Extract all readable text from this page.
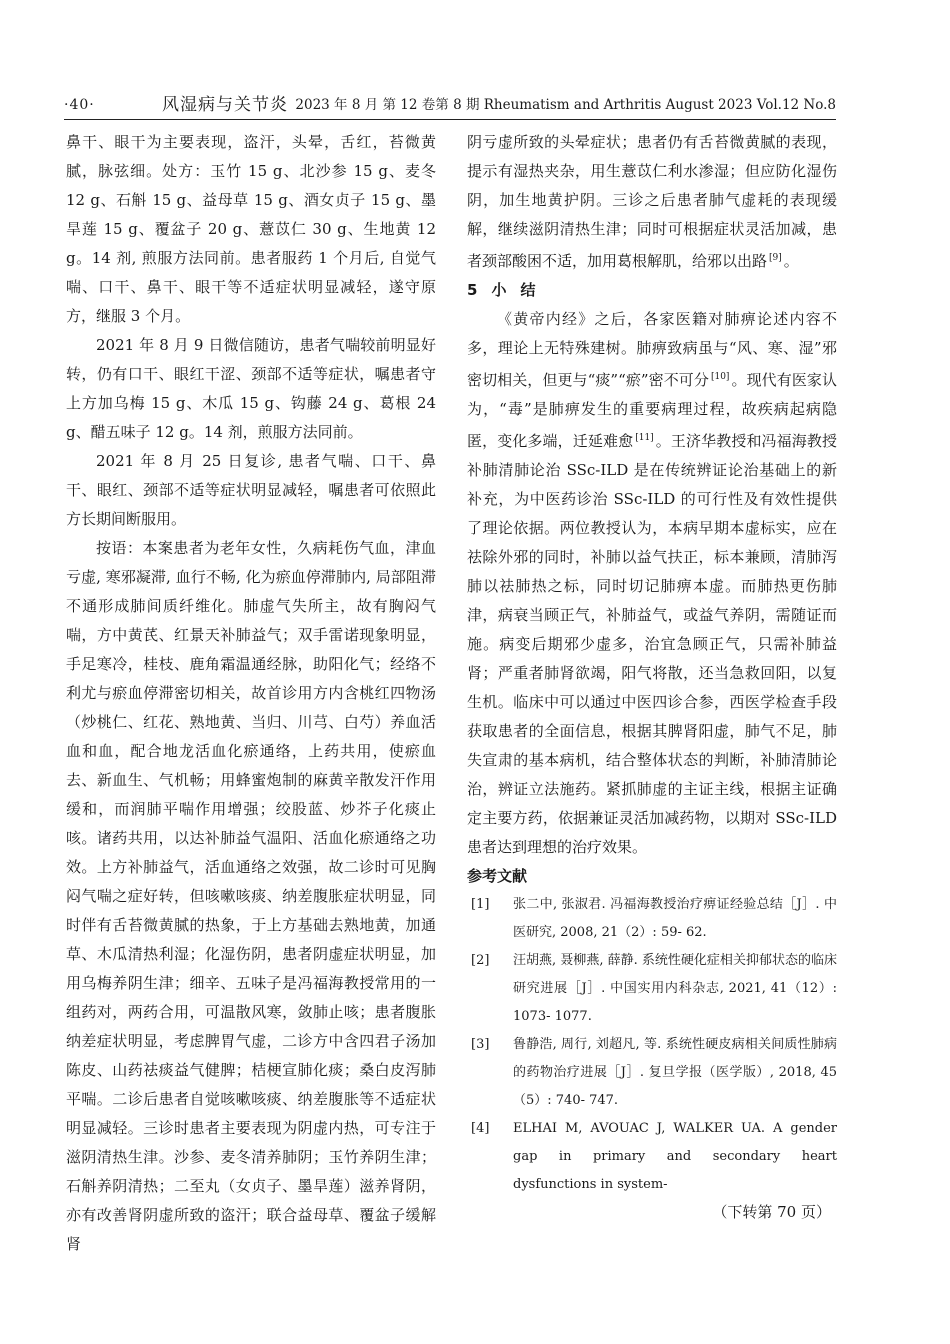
·40·	风湿病与关节炎 2023 年 8 月 第 12 卷第 8 期 Rheumatism and Arthritis August 2023 Vol.12 No.8

鼻干、眼干为主要表现，盗汗，头晕，舌红，苔微黄腻，脉弦细。处方：玉竹 15 g、北沙参 15 g、麦冬 12 g、石斛 15 g、益母草 15 g、酒女贞子 15 g、墨旱莲 15 g、覆盆子 20 g、薏苡仁 30 g、生地黄 12 g。14 剂, 煎服方法同前。患者服药 1 个月后, 自觉气喘、口干、鼻干、眼干等不适症状明显减轻，遂守原方，继服 3 个月。

2021 年 8 月 9 日微信随访，患者气喘较前明显好转，仍有口干、眼红干涩、颈部不适等症状，嘱患者守上方加乌梅 15 g、木瓜 15 g、钩藤 24 g、葛根 24 g、醋五味子 12 g。14 剂，煎服方法同前。

2021 年 8 月 25 日复诊, 患者气喘、口干、鼻干、眼红、颈部不适等症状明显减轻，嘱患者可依照此方长期间断服用。

按语：本案患者为老年女性，久病耗伤气血，津血亏虚, 寒邪凝滞, 血行不畅, 化为瘀血停滞肺内, 局部阻滞不通形成肺间质纤维化。肺虚气失所主，故有胸闷气喘，方中黄芪、红景天补肺益气；双手雷诺现象明显，手足寒冷，桂枝、鹿角霜温通经脉，助阳化气；经络不利尤与瘀血停滞密切相关，故首诊用方内含桃红四物汤（炒桃仁、红花、熟地黄、当归、川芎、白芍）养血活血和血，配合地龙活血化瘀通络，上药共用，使瘀血去、新血生、气机畅；用蜂蜜炮制的麻黄辛散发汗作用缓和，而润肺平喘作用增强；绞股蓝、炒芥子化痰止咳。诸药共用，以达补肺益气温阳、活血化瘀通络之功效。上方补肺益气，活血通络之效强，故二诊时可见胸闷气喘之症好转，但咳嗽咳痰、纳差腹胀症状明显，同时伴有舌苔微黄腻的热象，于上方基础去熟地黄，加通草、木瓜清热利湿；化湿伤阴，患者阴虚症状明显，加用乌梅养阴生津；细辛、五味子是冯福海教授常用的一组药对，两药合用，可温散风寒，敛肺止咳；患者腹胀纳差症状明显，考虑脾胃气虚，二诊方中含四君子汤加陈皮、山药祛痰益气健脾；桔梗宣肺化痰；桑白皮泻肺平喘。二诊后患者自觉咳嗽咳痰、纳差腹胀等不适症状明显减轻。三诊时患者主要表现为阴虚内热，可专注于滋阴清热生津。沙参、麦冬清养肺阴；玉竹养阴生津；石斛养阴清热；二至丸（女贞子、墨旱莲）滋养肾阴，亦有改善肾阴虚所致的盗汗；联合益母草、覆盆子缓解肾

阴亏虚所致的头晕症状；患者仍有舌苔微黄腻的表现，提示有湿热夹杂，用生薏苡仁利水渗湿；但应防化湿伤阴，加生地黄护阴。三诊之后患者肺气虚耗的表现缓解，继续滋阴清热生津；同时可根据症状灵活加减，患者颈部酸困不适，加用葛根解肌，给邪以出路 [9] 。

5 小结

《黄帝内经》之后，各家医籍对肺痹论述内容不多，理论上无特殊建树。肺痹致病虽与“风、寒、湿”邪密切相关，但更与“痰”“瘀”密不可分 [10] 。现代有医家认为，“毒”是肺痹发生的重要病理过程，故疾病起病隐匿，变化多端，迁延难愈 [11] 。王济华教授和冯福海教授补肺清肺论治 SSc-ILD 是在传统辨证论治基础上的新补充，为中医药诊治 SSc-ILD 的可行性及有效性提供了理论依据。两位教授认为，本病早期本虚标实，应在祛除外邪的同时，补肺以益气扶正，标本兼顾，清肺泻肺以祛肺热之标，同时切记肺痹本虚。而肺热更伤肺津，病衰当顾正气，补肺益气，或益气养阴，需随证而施。病变后期邪少虚多，治宜急顾正气，只需补肺益肾；严重者肺肾欲竭，阳气将散，还当急救回阳，以复生机。临床中可以通过中医四诊合参，西医学检查手段获取患者的全面信息，根据其脾肾阳虚，肺气不足，肺失宣肃的基本病机，结合整体状态的判断，补肺清肺论治，辨证立法施药。紧抓肺虚的主证主线，根据主证确定主要方药，依据兼证灵活加减药物，以期对 SSc-ILD 患者达到理想的治疗效果。

参考文献

[1] 张二中, 张淑君. 冯福海教授治疗痹证经验总结［J］. 中医研究, 2008, 21（2）: 59- 62.

[2] 汪胡燕, 聂柳燕, 薛静. 系统性硬化症相关抑郁状态的临床研究进展［J］. 中国实用内科杂志, 2021, 41（12）: 1073- 1077.

[3] 鲁静浩, 周行, 刘超凡, 等. 系统性硬皮病相关间质性肺病的药物治疗进展［J］. 复旦学报（医学版）, 2018, 45（5）: 740- 747.

[4] ELHAI M, AVOUAC J, WALKER UA. A gender gap in primary and secondary heart dysfunctions in system-

（下转第 70 页）
